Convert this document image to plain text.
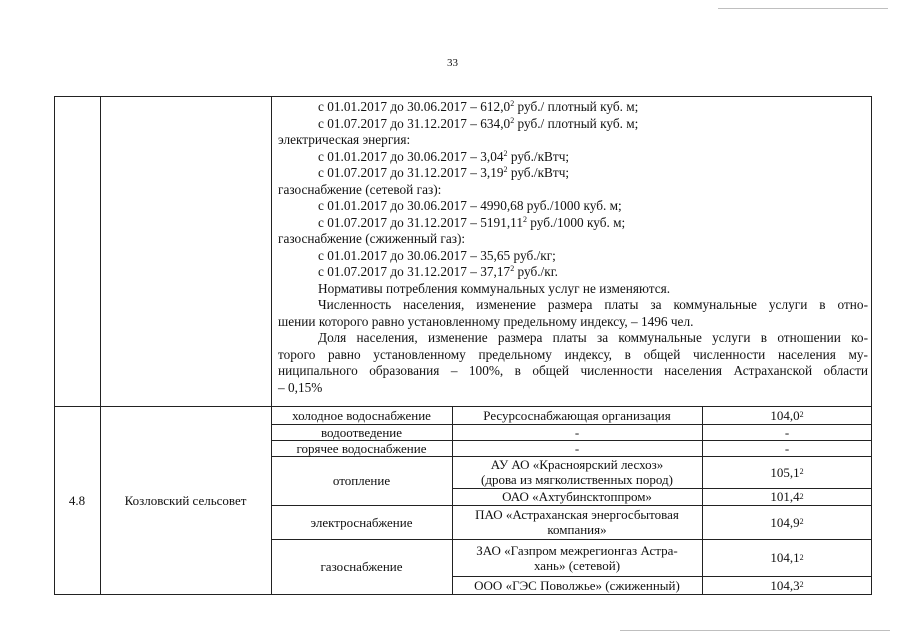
33
с 01.01.2017 до 30.06.2017 – 612,0$^2$ руб./ плотный куб. м;
с 01.07.2017 до 31.12.2017 – 634,0$^2$ руб./ плотный куб. м;
электрическая энергия:
с 01.01.2017 до 30.06.2017 – 3,04$^2$ руб./кВтч;
с 01.07.2017 до 31.12.2017 – 3,19$^2$ руб./кВтч;
газоснабжение (сетевой газ):
с 01.01.2017 до 30.06.2017 – 4990,68 руб./1000 куб. м;
с 01.07.2017 до 31.12.2017 – 5191,11$^2$ руб./1000 куб. м;
газоснабжение (сжиженный газ):
с 01.01.2017 до 30.06.2017 – 35,65 руб./кг;
с 01.07.2017 до 31.12.2017 – 37,17$^2$ руб./кг.
Нормативы потребления коммунальных услуг не изменяются.
Численность населения, изменение размера платы за коммунальные услуги в отно-
шении которого равно установленному предельному индексу, – 1496 чел.
Доля населения, изменение размера платы за коммунальные услуги в отношении ко-
торого равно установленному предельному индексу, в общей численности населения му-
ниципального образования – 100%, в общей численности населения Астраханской области
– 0,15%
4.8	Козловский сельсовет
холодное водоснабжение
водоотведение
горячее водоснабжение
отопление
электроснабжение
газоснабжение
Ресурсоснабжающая организация
-
-
АУ АО «Красноярский лесхоз» (дрова из мягколиственных пород)
ОАО «Ахтубинсктоппром»
ПАО «Астраханская энергосбытовая компания»
ЗАО «Газпром межрегионгаз Астра-хань» (сетевой)
ООО «ГЭС Поволжье» (сжиженный)
104,0 2
-
-
105,1 2
101,4 2
104,9 2
104,1 2
104,3 2
